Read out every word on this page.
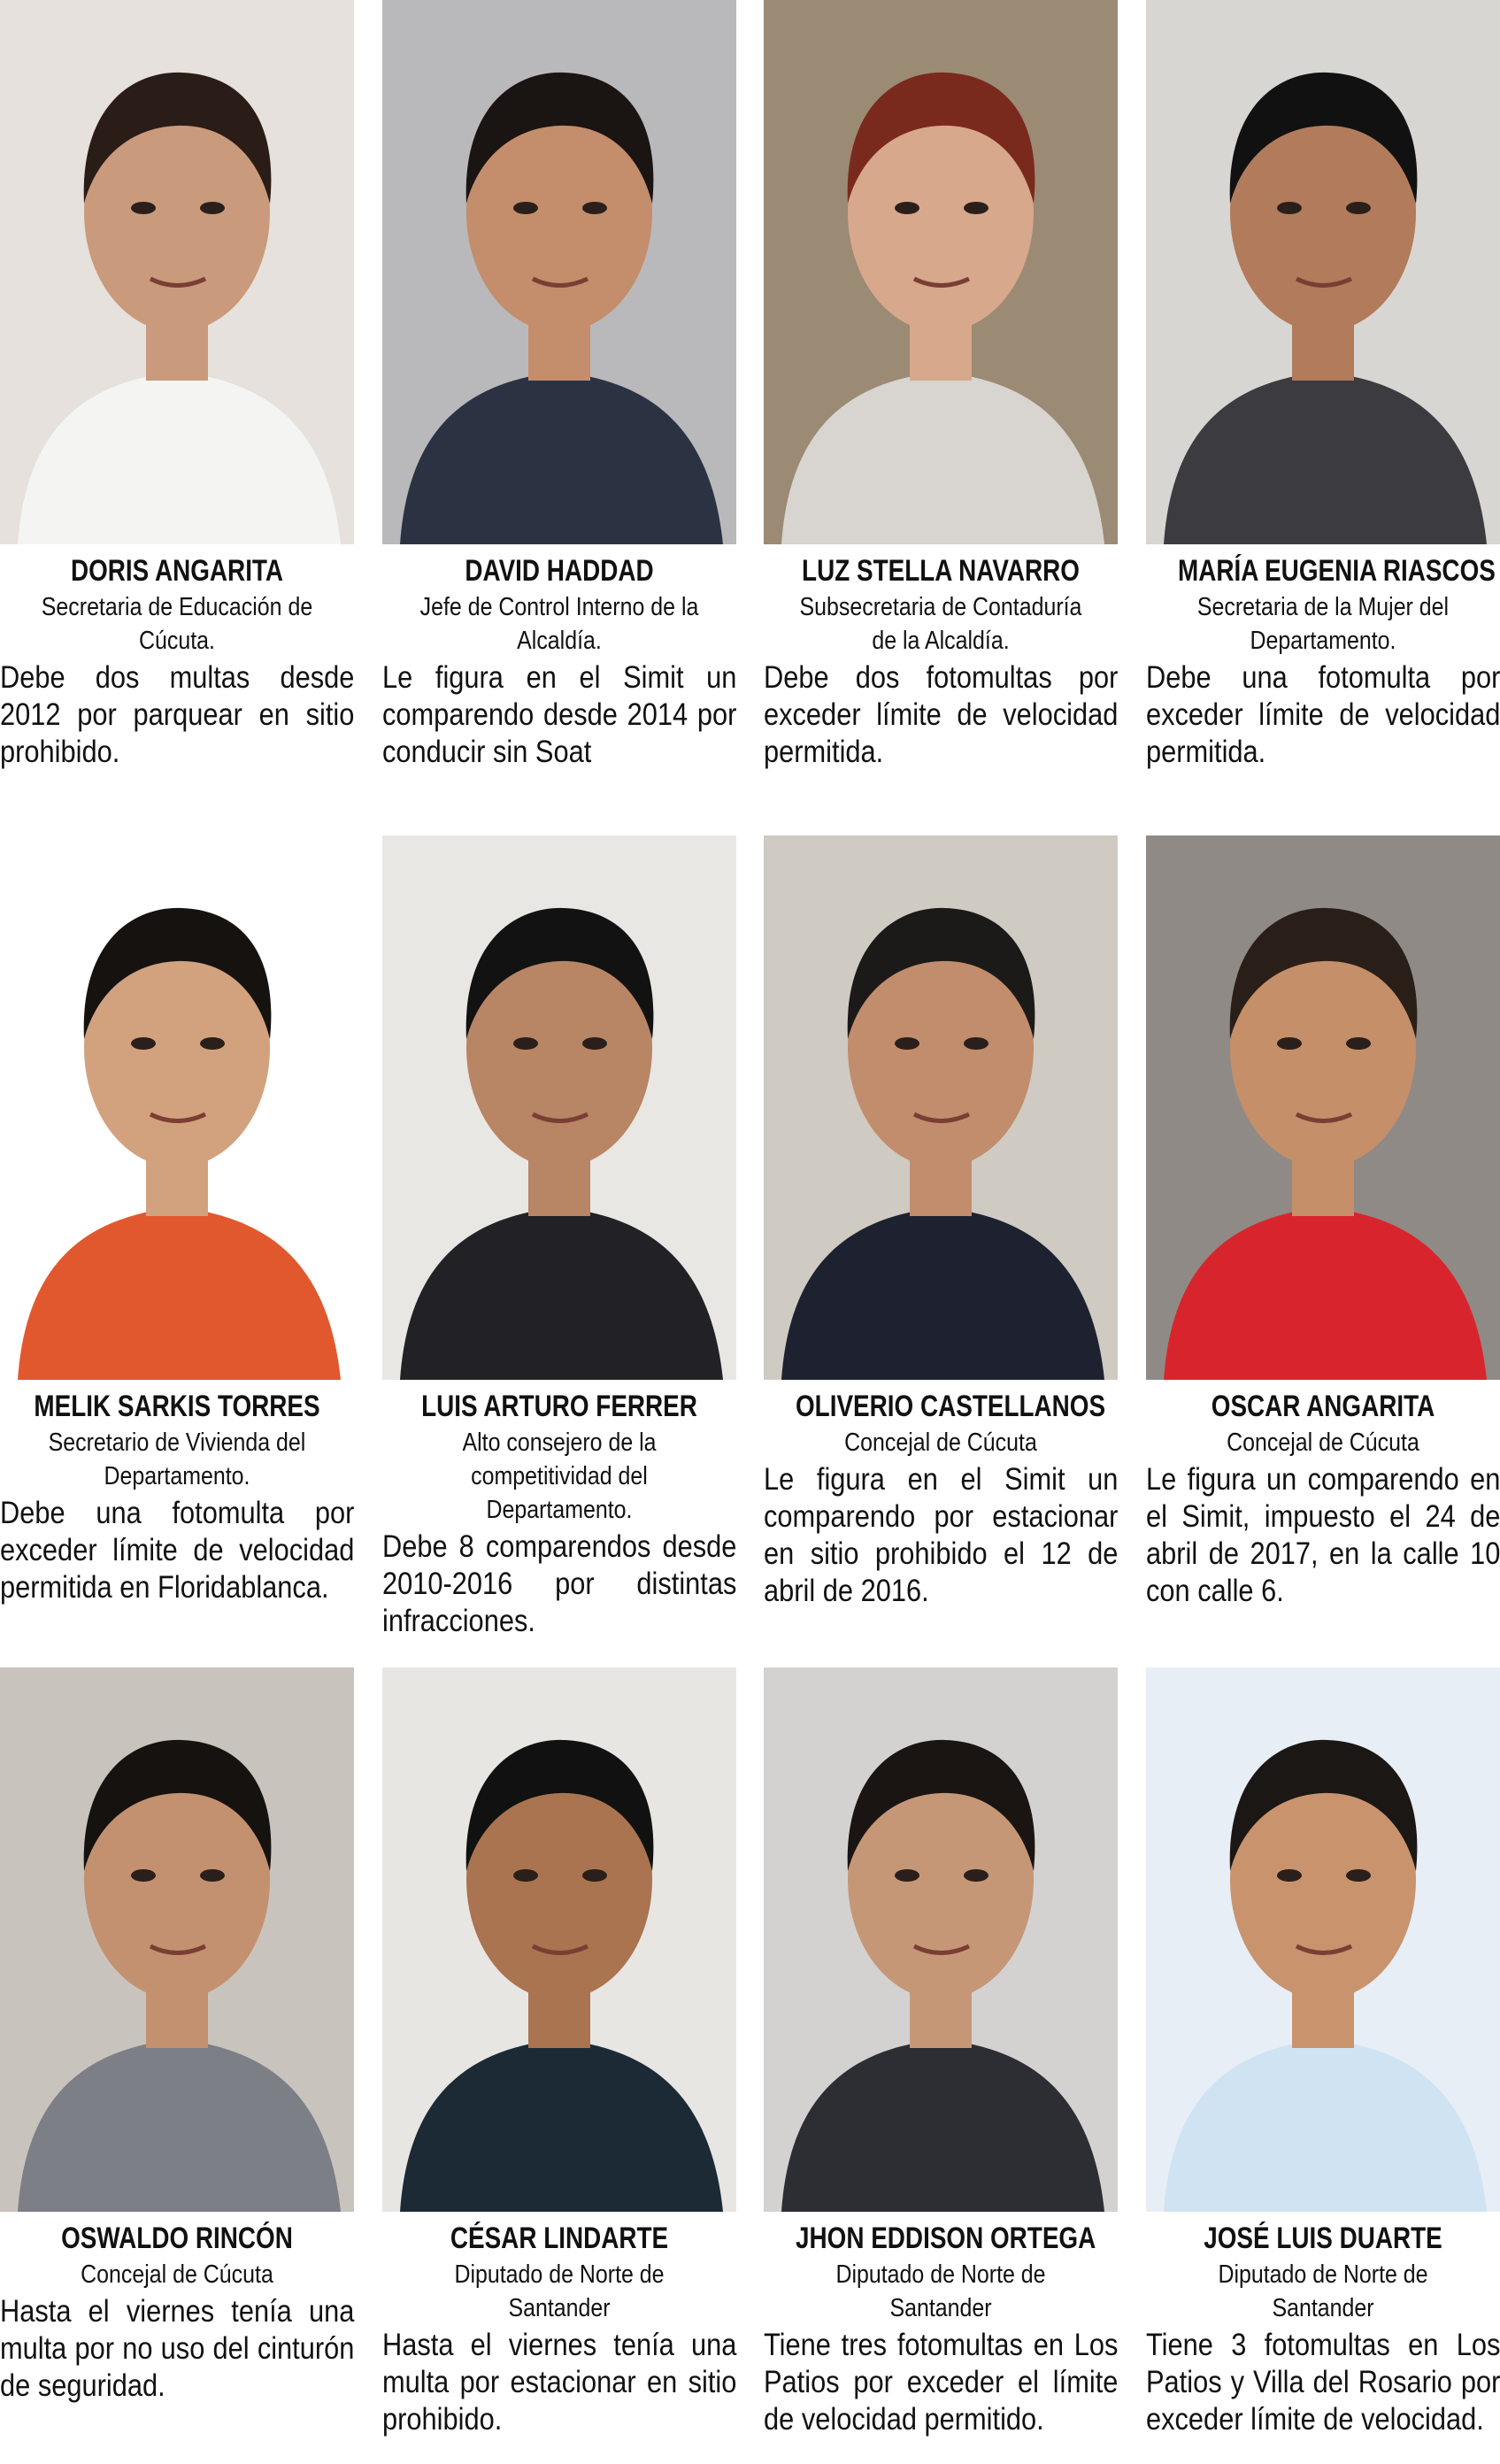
DORIS ANGARITA
Secretaria de Educación de Cúcuta.
Debe dos multas desde 2012 por parquear en sitio prohibido.
DAVID HADDAD
Jefe de Control Interno de la Alcaldía.
Le figura en el Simit un comparendo desde 2014 por conducir sin Soat
LUZ STELLA NAVARRO
Subsecretaria de Contaduría de la Alcaldía.
Debe dos fotomultas por exceder límite de velocidad permitida.
MARÍA EUGENIA RIASCOS
Secretaria de la Mujer del Departamento.
Debe una fotomulta por exceder límite de velocidad permitida.
MELIK SARKIS TORRES
Secretario de Vivienda del Departamento.
Debe una fotomulta por exceder límite de velocidad permitida en Floridablanca.
LUIS ARTURO FERRER
Alto consejero de la competitividad del Departamento.
Debe 8 comparendos desde 2010-2016 por distintas infracciones.
OLIVERIO CASTELLANOS
Concejal de Cúcuta
Le figura en el Simit un comparendo por estacionar en sitio prohibido el 12 de abril de 2016.
OSCAR ANGARITA
Concejal de Cúcuta
Le figura un comparendo en el Simit, impuesto el 24 de abril de 2017, en la calle 10 con calle 6.
OSWALDO RINCÓN
Concejal de Cúcuta
Hasta el viernes tenía una multa por no uso del cinturón de seguridad.
CÉSAR LINDARTE
Diputado de Norte de Santander
Hasta el viernes tenía una multa por estacionar en sitio prohibido.
JHON EDDISON ORTEGA
Diputado de Norte de Santander
Tiene tres fotomultas en Los Patios por exceder el límite de velocidad permitido.
JOSÉ LUIS DUARTE
Diputado de Norte de Santander
Tiene 3 fotomultas en Los Patios y Villa del Rosario por exceder límite de velocidad.
